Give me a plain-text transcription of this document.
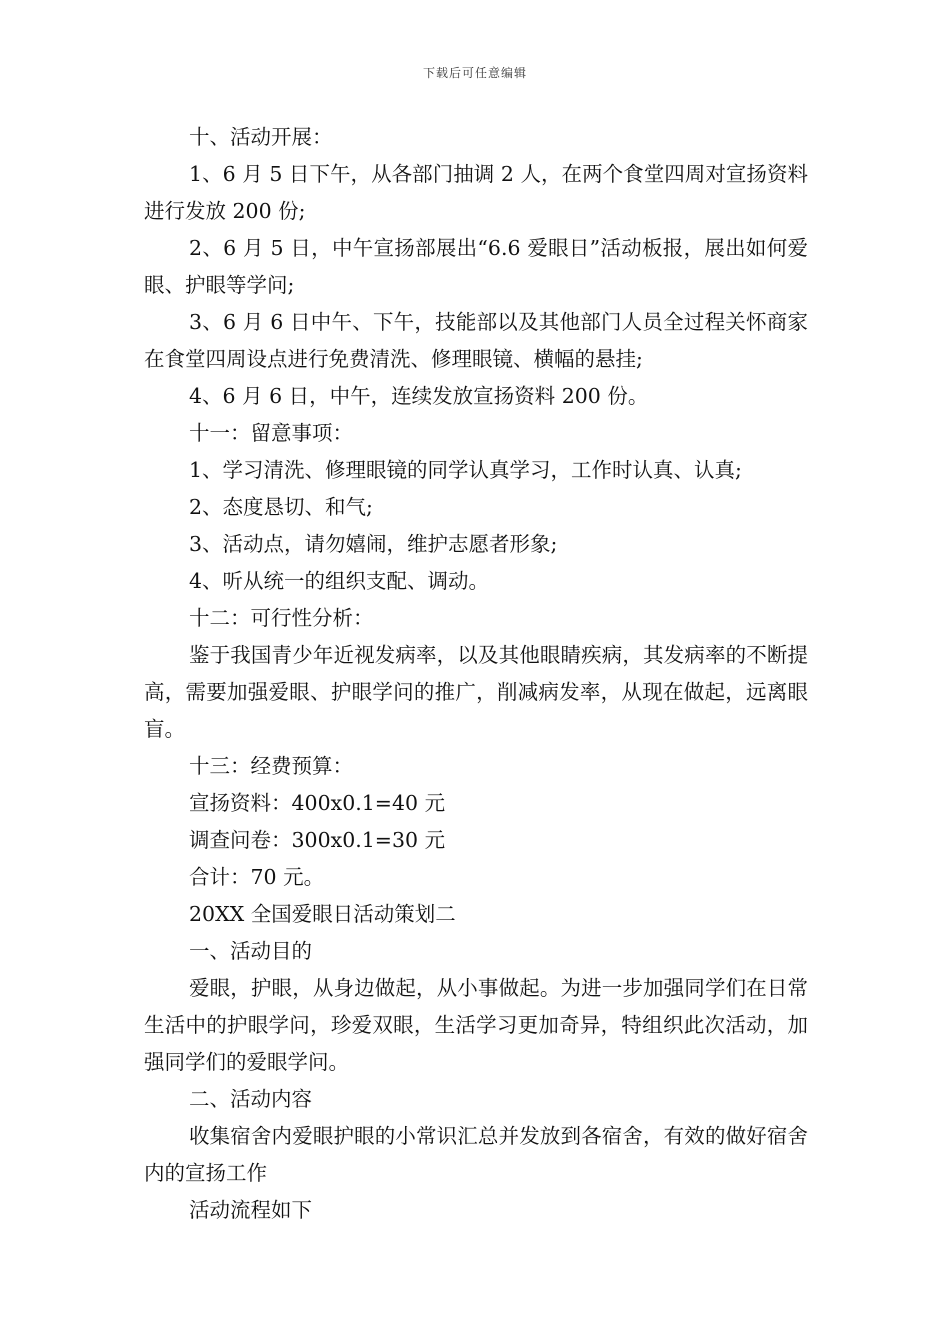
下载后可任意编辑

十、活动开展：

1、6 月 5 日下午，从各部门抽调 2 人，在两个食堂四周对宣扬资料进行发放 200 份;

2、6 月 5 日，中午宣扬部展出“6.6 爱眼日”活动板报，展出如何爱眼、护眼等学问;

3、6 月 6 日中午、下午，技能部以及其他部门人员全过程关怀商家在食堂四周设点进行免费清洗、修理眼镜、横幅的悬挂;

4、6 月 6 日，中午，连续发放宣扬资料 200 份。

十一：留意事项：

1、学习清洗、修理眼镜的同学认真学习，工作时认真、认真;

2、态度恳切、和气;

3、活动点，请勿嬉闹，维护志愿者形象;

4、听从统一的组织支配、调动。

十二：可行性分析：

鉴于我国青少年近视发病率，以及其他眼睛疾病，其发病率的不断提高，需要加强爱眼、护眼学问的推广，削减病发率，从现在做起，远离眼盲。

十三：经费预算：

宣扬资料：400x0.1=40 元

调查问卷：300x0.1=30 元

合计：70 元。

20XX 全国爱眼日活动策划二

一、活动目的

爱眼，护眼，从身边做起，从小事做起。为进一步加强同学们在日常生活中的护眼学问，珍爱双眼，生活学习更加奇异，特组织此次活动，加强同学们的爱眼学问。

二、活动内容

收集宿舍内爱眼护眼的小常识汇总并发放到各宿舍，有效的做好宿舍内的宣扬工作

活动流程如下
